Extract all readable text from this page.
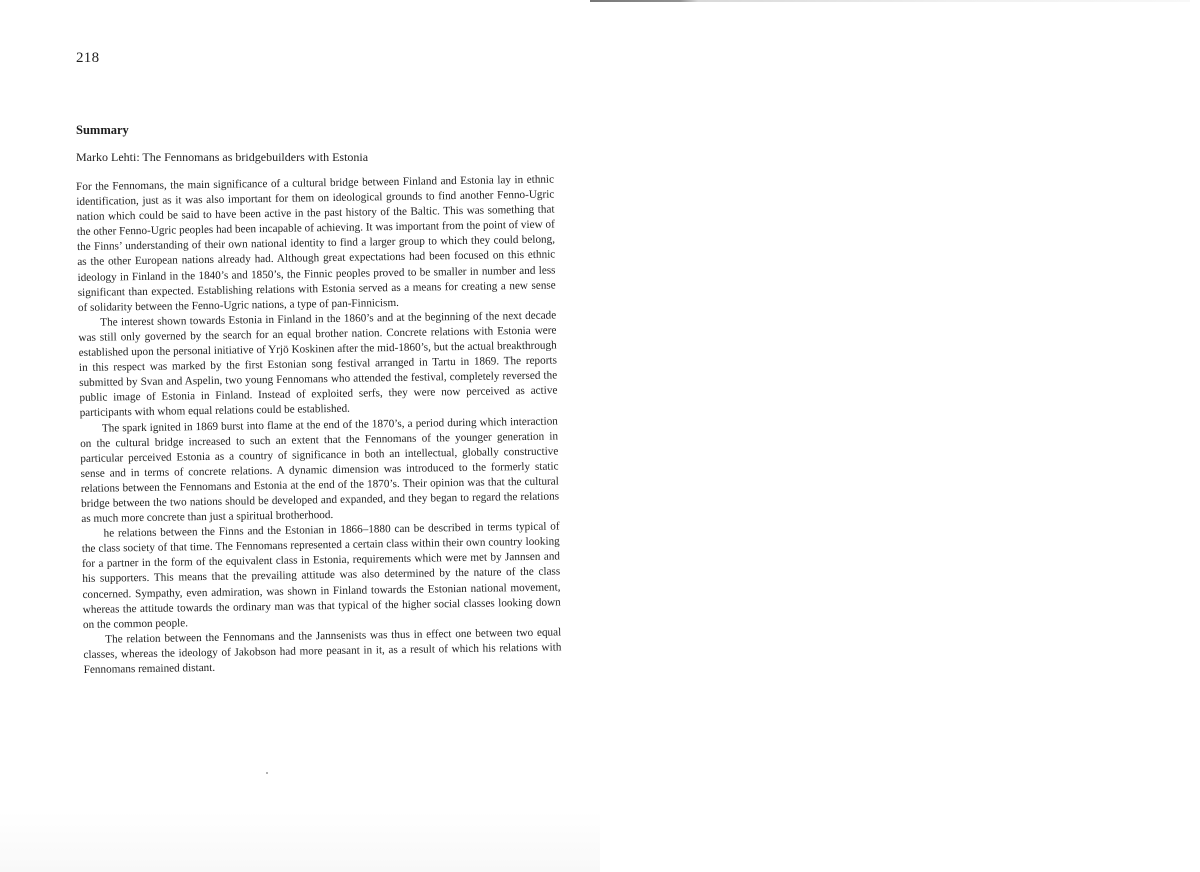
218
Summary
Marko Lehti: The Fennomans as bridgebuilders with Estonia

For the Fennomans, the main significance of a cultural bridge between Finland and Estonia lay in ethnic identification, just as it was also important for them on ideological grounds to find another Fenno-Ugric nation which could be said to have been active in the past history of the Baltic. This was something that the other Fenno-Ugric peoples had been incapable of achieving. It was important from the point of view of the Finns’ understanding of their own national identity to find a larger group to which they could belong, as the other European nations already had. Although great expectations had been focused on this ethnic ideology in Finland in the 1840’s and 1850’s, the Finnic peoples proved to be smaller in number and less significant than expected. Establishing relations with Estonia served as a means for creating a new sense of solidarity between the Fenno-Ugric nations, a type of pan-Finnicism.

The interest shown towards Estonia in Finland in the 1860’s and at the beginning of the next decade was still only governed by the search for an equal brother nation. Concrete relations with Estonia were established upon the personal initiative of Yrjö Koskinen after the mid-1860’s, but the actual breakthrough in this respect was marked by the first Estonian song festival arranged in Tartu in 1869. The reports submitted by Svan and Aspelin, two young Fennomans who attended the festival, completely reversed the public image of Estonia in Finland. Instead of exploited serfs, they were now perceived as active participants with whom equal relations could be established.

The spark ignited in 1869 burst into flame at the end of the 1870’s, a period during which interaction on the cultural bridge increased to such an extent that the Fennomans of the younger generation in particular perceived Estonia as a country of significance in both an intellectual, globally constructive sense and in terms of concrete relations. A dynamic dimension was introduced to the formerly static relations between the Fennomans and Estonia at the end of the 1870’s. Their opinion was that the cultural bridge between the two nations should be developed and expanded, and they began to regard the relations as much more concrete than just a spiritual brotherhood.

he relations between the Finns and the Estonian in 1866–1880 can be described in terms typical of the class society of that time. The Fennomans represented a certain class within their own country looking for a partner in the form of the equivalent class in Estonia, requirements which were met by Jannsen and his supporters. This means that the prevailing attitude was also determined by the nature of the class concerned. Sympathy, even admiration, was shown in Finland towards the Estonian national movement, whereas the attitude towards the ordinary man was that typical of the higher social classes looking down on the common people.

The relation between the Fennomans and the Jannsenists was thus in effect one between two equal classes, whereas the ideology of Jakobson had more peasant in it, as a result of which his relations with Fennomans remained distant.
